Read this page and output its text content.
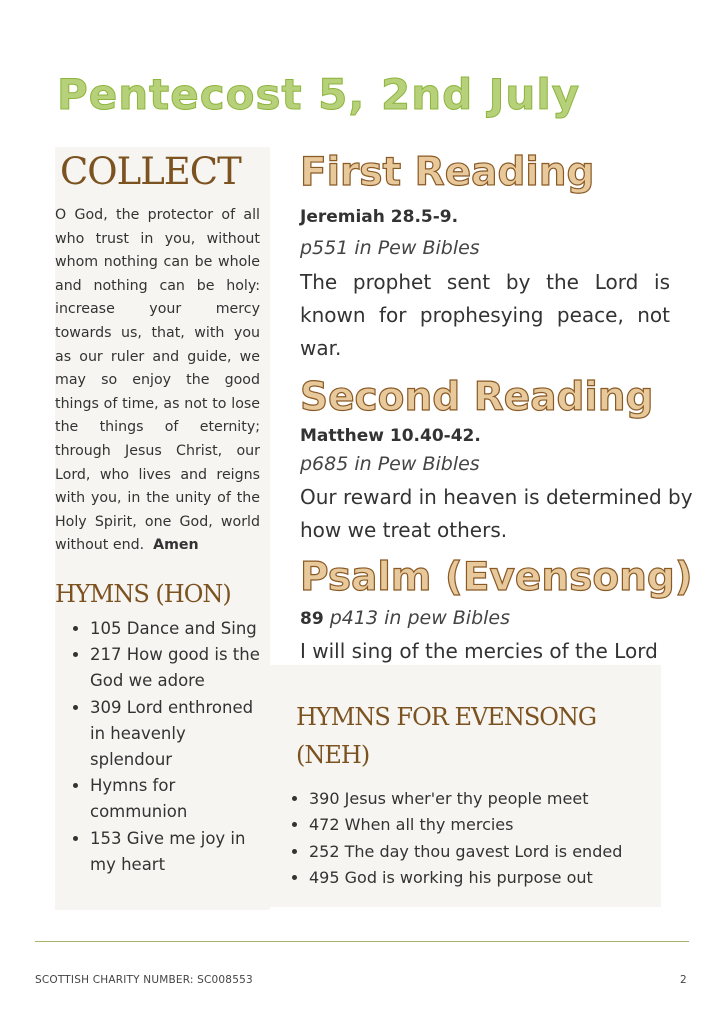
Pentecost 5, 2nd July
COLLECT
O God, the protector of all who trust in you, without whom nothing can be whole and nothing can be holy: increase your mercy towards us, that, with you as our ruler and guide, we may so enjoy the good things of time, as not to lose the things of eternity; through Jesus Christ, our Lord, who lives and reigns with you, in the unity of the Holy Spirit, one God, world without end. Amen
HYMNS (HON)
• 105 Dance and Sing
• 217 How good is the God we adore
• 309 Lord enthroned in heavenly splendour
• Hymns for communion
• 153 Give me joy in my heart
First Reading
Jeremiah 28.5-9.
p551 in Pew Bibles
The prophet sent by the Lord is known for prophesying peace, not war.
Second Reading
Matthew 10.40-42.
p685 in Pew Bibles
Our reward in heaven is determined by how we treat others.
Psalm (Evensong)
89 p413 in pew Bibles
I will sing of the mercies of the Lord
HYMNS FOR EVENSONG (NEH)
• 390 Jesus wher'er thy people meet
• 472 When all thy mercies
• 252 The day thou gavest Lord is ended
• 495 God is working his purpose out
SCOTTISH CHARITY NUMBER: SC008553	2
